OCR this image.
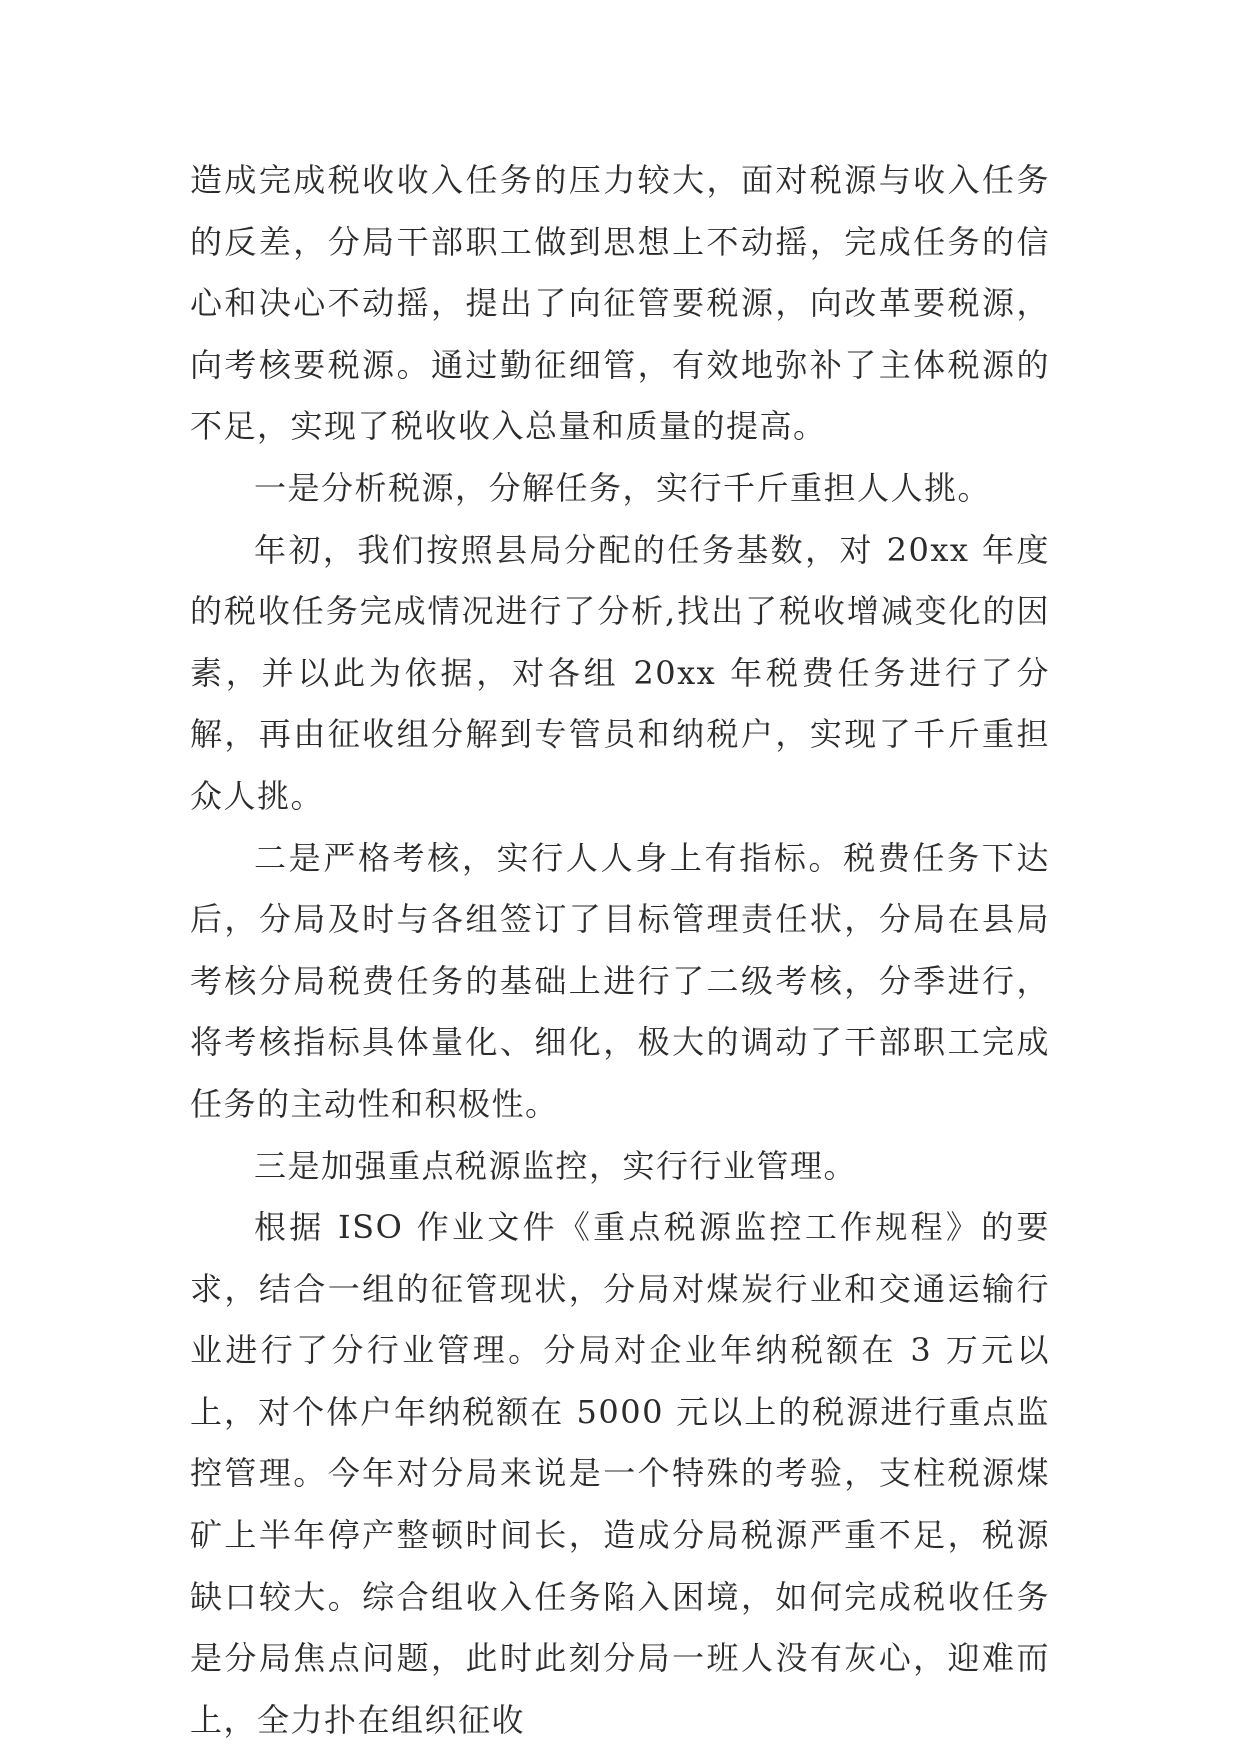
造成完成税收收入任务的压力较大，面对税源与收入任务的反差，分局干部职工做到思想上不动摇，完成任务的信心和决心不动摇，提出了向征管要税源，向改革要税源，向考核要税源。通过勤征细管，有效地弥补了主体税源的不足，实现了税收收入总量和质量的提高。

一是分析税源，分解任务，实行千斤重担人人挑。

年初，我们按照县局分配的任务基数，对 20xx 年度的税收任务完成情况进行了分析,找出了税收增减变化的因素，并以此为依据，对各组 20xx 年税费任务进行了分解，再由征收组分解到专管员和纳税户，实现了千斤重担众人挑。

二是严格考核，实行人人身上有指标。税费任务下达后，分局及时与各组签订了目标管理责任状，分局在县局考核分局税费任务的基础上进行了二级考核，分季进行，将考核指标具体量化、细化，极大的调动了干部职工完成任务的主动性和积极性。

三是加强重点税源监控，实行行业管理。

根据 ISO 作业文件《重点税源监控工作规程》的要求，结合一组的征管现状，分局对煤炭行业和交通运输行业进行了分行业管理。分局对企业年纳税额在 3 万元以上，对个体户年纳税额在 5000 元以上的税源进行重点监控管理。今年对分局来说是一个特殊的考验，支柱税源煤矿上半年停产整顿时间长，造成分局税源严重不足，税源缺口较大。综合组收入任务陷入困境，如何完成税收任务是分局焦点问题，此时此刻分局一班人没有灰心，迎难而上，全力扑在组织征收
